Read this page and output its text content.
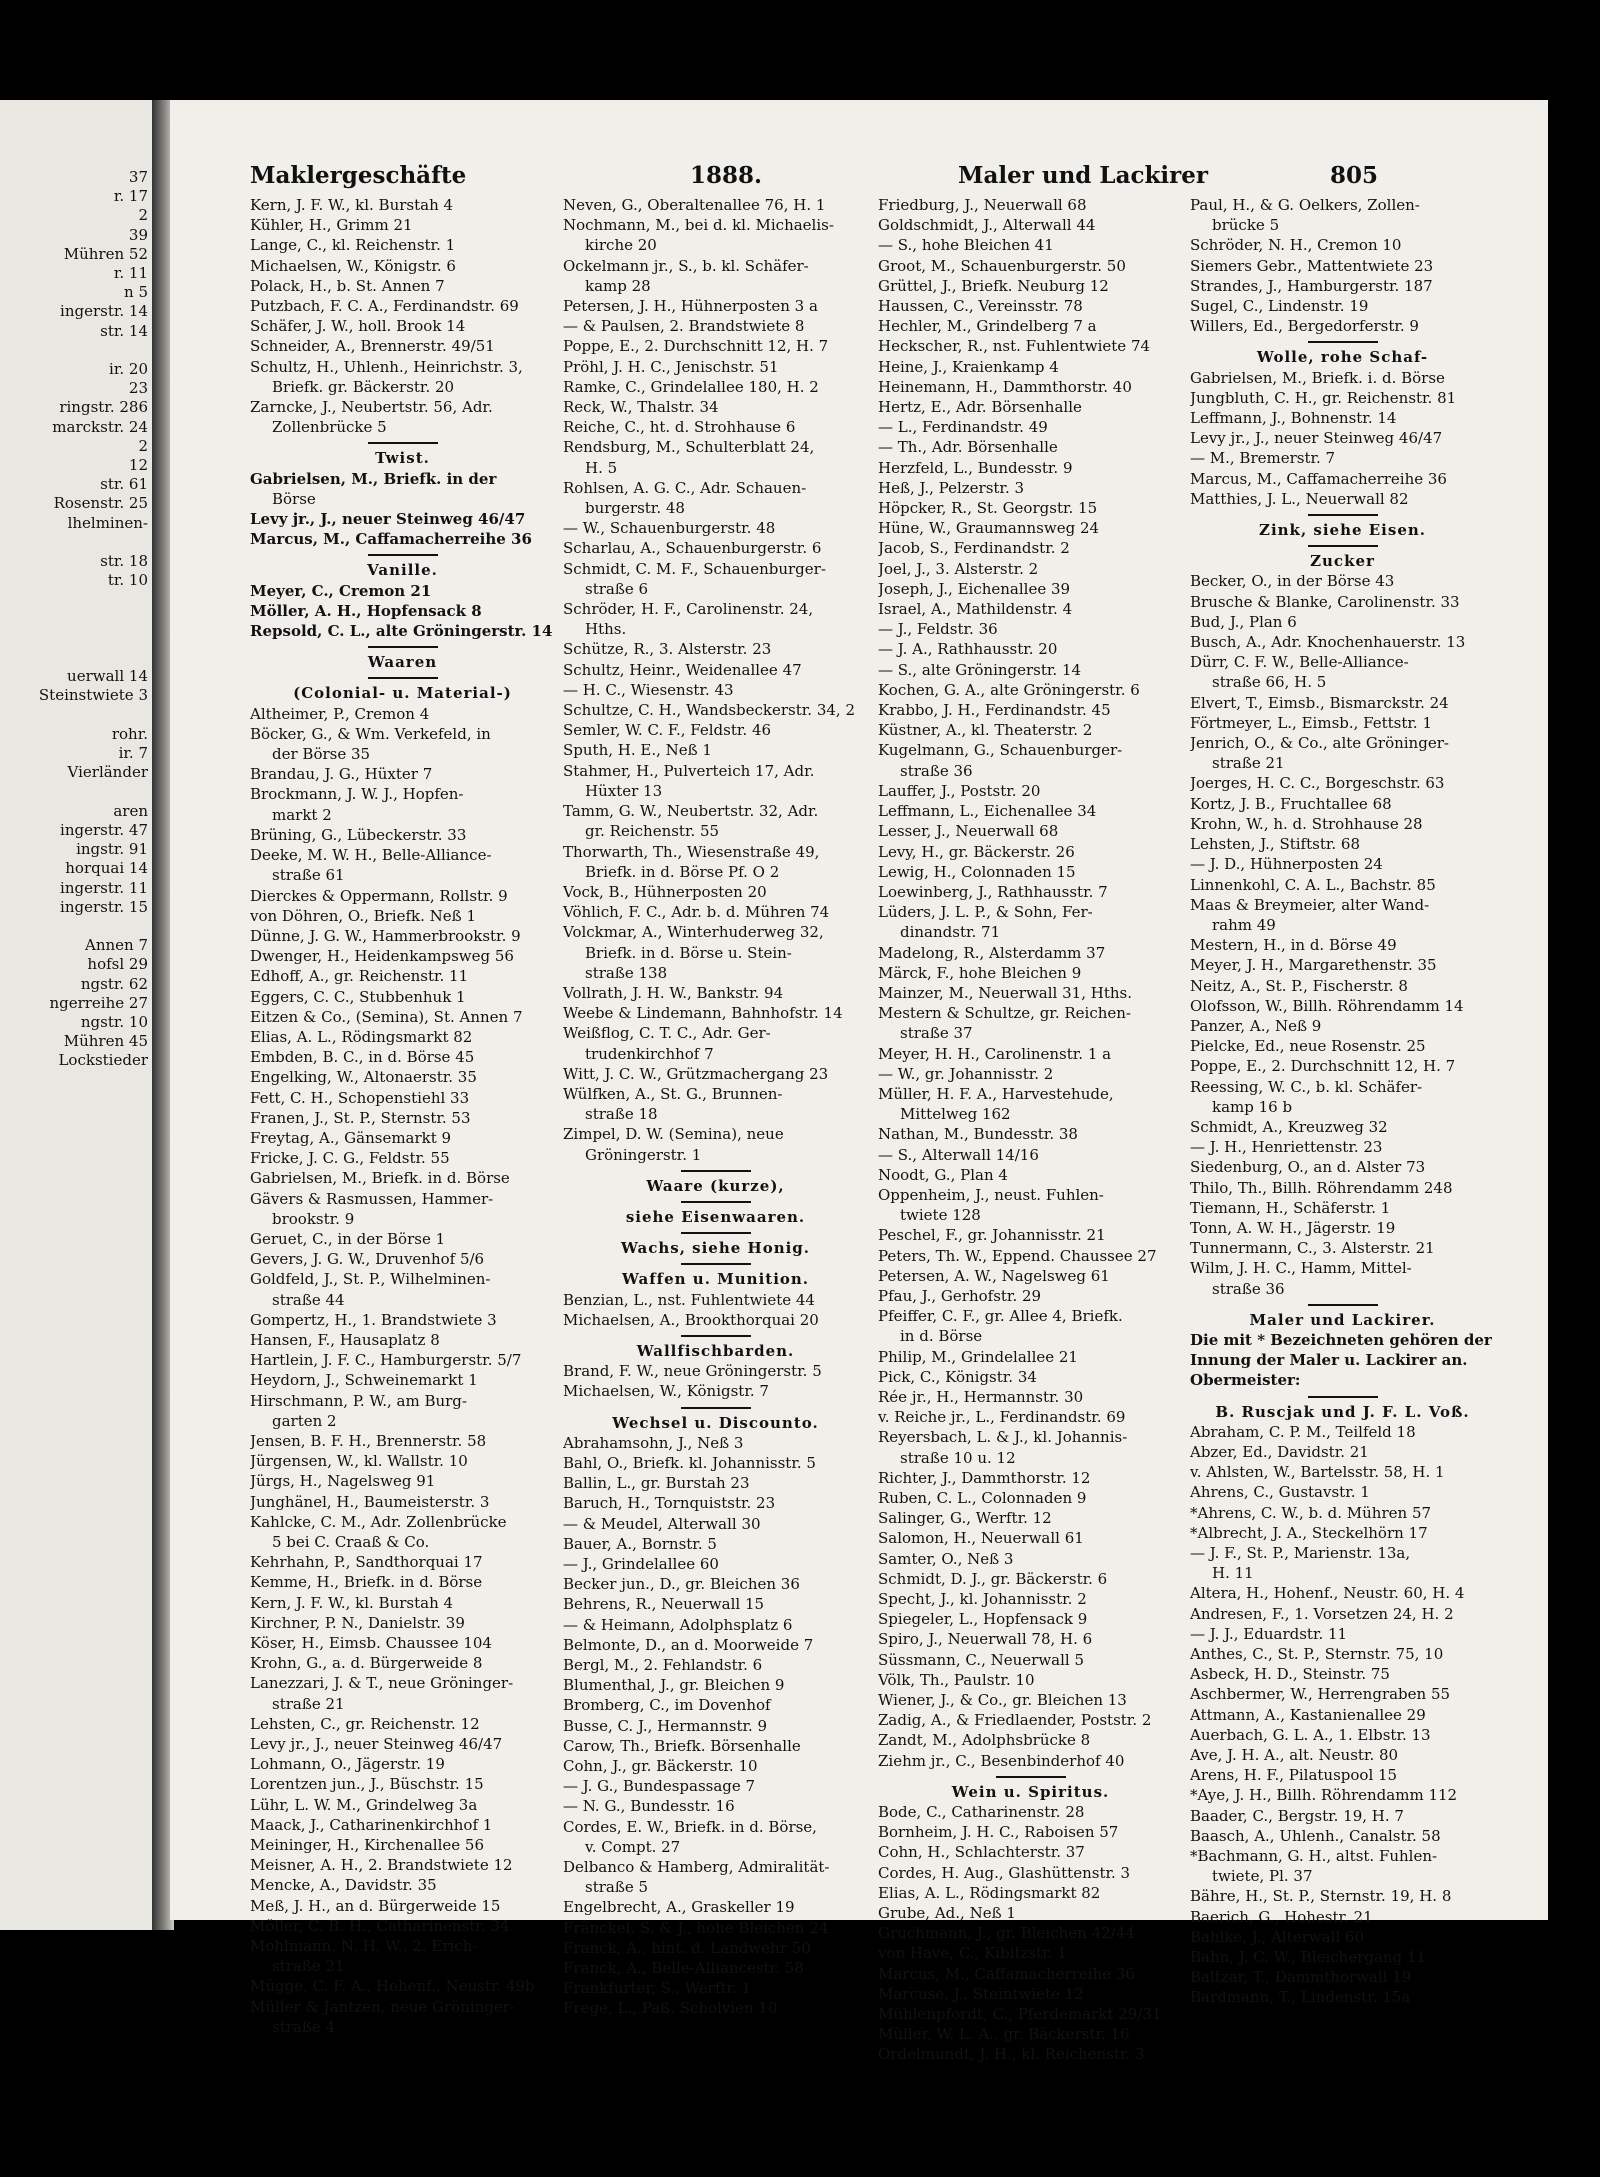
37
r. 17
2
39
Mühren 52
r. 11
n 5
ingerstr. 14
str. 14

ir. 20
23
ringstr. 286
marckstr. 24
2
12
str. 61
Rosenstr. 25
lhelminen-

str. 18
tr. 10

uerwall 14
Steinstwiete 3

rohr.
ir. 7
Vierländer

aren
ingerstr. 47
ingstr. 91
horquai 14
ingerstr. 11
ingerstr. 15

Annen 7
hofsl 29
ngstr. 62
ngerreihe 27
ngstr. 10
Mühren 45
Lockstieder
Maklergeschäfte	1888.	Maler und Lackirer	805
Kern, J. F. W., kl. Burstah 4
Kühler, H., Grimm 21
Lange, C., kl. Reichenstr. 1
Michaelsen, W., Königstr. 6
Polack, H., b. St. Annen 7
Putzbach, F. C. A., Ferdinandstr. 69
Schäfer, J. W., holl. Brook 14
Schneider, A., Brennerstr. 49/51
Schultz, H., Uhlenh., Heinrichstr. 3,
Briefk. gr. Bäckerstr. 20
Zarncke, J., Neubertstr. 56, Adr.
Zollenbrücke 5
Twist.
Gabrielsen, M., Briefk. in der
Börse
Levy jr., J., neuer Steinweg 46/47
Marcus, M., Caffamacherreihe 36
Vanille.
Meyer, C., Cremon 21
Möller, A. H., Hopfensack 8
Repsold, C. L., alte Gröningerstr. 14
Waaren
(Colonial- u. Material-)
Altheimer, P., Cremon 4
Böcker, G., & Wm. Verkefeld, in
der Börse 35
Brandau, J. G., Hüxter 7
Brockmann, J. W. J., Hopfen-
markt 2
Brüning, G., Lübeckerstr. 33
Deeke, M. W. H., Belle-Alliance-
straße 61
Dierckes & Oppermann, Rollstr. 9
von Döhren, O., Briefk. Neß 1
Dünne, J. G. W., Hammerbrookstr. 9
Dwenger, H., Heidenkampsweg 56
Edhoff, A., gr. Reichenstr. 11
Eggers, C. C., Stubbenhuk 1
Eitzen & Co., (Semina), St. Annen 7
Elias, A. L., Rödingsmarkt 82
Embden, B. C., in d. Börse 45
Engelking, W., Altonaerstr. 35
Fett, C. H., Schopenstiehl 33
Franen, J., St. P., Sternstr. 53
Freytag, A., Gänsemarkt 9
Fricke, J. C. G., Feldstr. 55
Gabrielsen, M., Briefk. in d. Börse
Gävers & Rasmussen, Hammer-
brookstr. 9
Geruet, C., in der Börse 1
Gevers, J. G. W., Druvenhof 5/6
Goldfeld, J., St. P., Wilhelminen-
straße 44
Gompertz, H., 1. Brandstwiete 3
Hansen, F., Hausaplatz 8
Hartlein, J. F. C., Hamburgerstr. 5/7
Heydorn, J., Schweinemarkt 1
Hirschmann, P. W., am Burg-
garten 2
Jensen, B. F. H., Brennerstr. 58
Jürgensen, W., kl. Wallstr. 10
Jürgs, H., Nagelsweg 91
Junghänel, H., Baumeisterstr. 3
Kahlcke, C. M., Adr. Zollenbrücke
5 bei C. Craaß & Co.
Kehrhahn, P., Sandthorquai 17
Kemme, H., Briefk. in d. Börse
Kern, J. F. W., kl. Burstah 4
Kirchner, P. N., Danielstr. 39
Köser, H., Eimsb. Chaussee 104
Krohn, G., a. d. Bürgerweide 8
Lanezzari, J. & T., neue Gröninger-
straße 21
Lehsten, C., gr. Reichenstr. 12
Levy jr., J., neuer Steinweg 46/47
Lohmann, O., Jägerstr. 19
Lorentzen jun., J., Büschstr. 15
Lühr, L. W. M., Grindelweg 3a
Maack, J., Catharinenkirchhof 1
Meininger, H., Kirchenallee 56
Meisner, A. H., 2. Brandstwiete 12
Mencke, A., Davidstr. 35
Meß, J. H., an d. Bürgerweide 15
Möller, C. B. H., Catharinenstr. 34
Mohlmann, N. H. W., 2. Erich-
straße 21
Mügge, C. F. A., Hohenf., Neustr. 49b
Müller & Jantzen, neue Gröninger-
straße 4
Neven, G., Oberaltenallee 76, H. 1
Nochmann, M., bei d. kl. Michaelis-
kirche 20
Ockelmann jr., S., b. kl. Schäfer-
kamp 28
Petersen, J. H., Hühnerposten 3 a
— & Paulsen, 2. Brandstwiete 8
Poppe, E., 2. Durchschnitt 12, H. 7
Pröhl, J. H. C., Jenischstr. 51
Ramke, C., Grindelallee 180, H. 2
Reck, W., Thalstr. 34
Reiche, C., ht. d. Strohhause 6
Rendsburg, M., Schulterblatt 24,
H. 5
Rohlsen, A. G. C., Adr. Schauen-
burgerstr. 48
— W., Schauenburgerstr. 48
Scharlau, A., Schauenburgerstr. 6
Schmidt, C. M. F., Schauenburger-
straße 6
Schröder, H. F., Carolinenstr. 24,
Hths.
Schütze, R., 3. Alsterstr. 23
Schultz, Heinr., Weidenallee 47
— H. C., Wiesenstr. 43
Schultze, C. H., Wandsbeckerstr. 34, 2
Semler, W. C. F., Feldstr. 46
Sputh, H. E., Neß 1
Stahmer, H., Pulverteich 17, Adr.
Hüxter 13
Tamm, G. W., Neubertstr. 32, Adr.
gr. Reichenstr. 55
Thorwarth, Th., Wiesenstraße 49,
Briefk. in d. Börse Pf. O 2
Vock, B., Hühnerposten 20
Vöhlich, F. C., Adr. b. d. Mühren 74
Volckmar, A., Winterhuderweg 32,
Briefk. in d. Börse u. Stein-
straße 138
Vollrath, J. H. W., Bankstr. 94
Weebe & Lindemann, Bahnhofstr. 14
Weißflog, C. T. C., Adr. Ger-
trudenkirchhof 7
Witt, J. C. W., Grützmachergang 23
Wülfken, A., St. G., Brunnen-
straße 18
Zimpel, D. W. (Semina), neue
Gröningerstr. 1
Waare (kurze),
siehe Eisenwaaren.
Wachs, siehe Honig.
Waffen u. Munition.
Benzian, L., nst. Fuhlentwiete 44
Michaelsen, A., Brookthorquai 20
Wallfischbarden.
Brand, F. W., neue Gröningerstr. 5
Michaelsen, W., Königstr. 7
Wechsel u. Discounto.
Abrahamsohn, J., Neß 3
Bahl, O., Briefk. kl. Johannisstr. 5
Ballin, L., gr. Burstah 23
Baruch, H., Tornquiststr. 23
— & Meudel, Alterwall 30
Bauer, A., Bornstr. 5
— J., Grindelallee 60
Becker jun., D., gr. Bleichen 36
Behrens, R., Neuerwall 15
— & Heimann, Adolphsplatz 6
Belmonte, D., an d. Moorweide 7
Bergl, M., 2. Fehlandstr. 6
Blumenthal, J., gr. Bleichen 9
Bromberg, C., im Dovenhof
Busse, C. J., Hermannstr. 9
Carow, Th., Briefk. Börsenhalle
Cohn, J., gr. Bäckerstr. 10
— J. G., Bundespassage 7
— N. G., Bundesstr. 16
Cordes, E. W., Briefk. in d. Börse,
v. Compt. 27
Delbanco & Hamberg, Admiralität-
straße 5
Engelbrecht, A., Graskeller 19
Fränckel, S. & J., hohe Bleichen 24
Franck, A., hint. d. Landwehr 50
Franck, A., Belle-Alliancestr. 58
Frankfurter, S., Werftr. 1
Frege, L., Paß. Scholvien 10
Friedburg, J., Neuerwall 68
Goldschmidt, J., Alterwall 44
— S., hohe Bleichen 41
Groot, M., Schauenburgerstr. 50
Grüttel, J., Briefk. Neuburg 12
Haussen, C., Vereinsstr. 78
Hechler, M., Grindelberg 7 a
Heckscher, R., nst. Fuhlentwiete 74
Heine, J., Kraienkamp 4
Heinemann, H., Dammthorstr. 40
Hertz, E., Adr. Börsenhalle
— L., Ferdinandstr. 49
— Th., Adr. Börsenhalle
Herzfeld, L., Bundesstr. 9
Heß, J., Pelzerstr. 3
Höpcker, R., St. Georgstr. 15
Hüne, W., Graumannsweg 24
Jacob, S., Ferdinandstr. 2
Joel, J., 3. Alsterstr. 2
Joseph, J., Eichenallee 39
Israel, A., Mathildenstr. 4
— J., Feldstr. 36
— J. A., Rathhausstr. 20
— S., alte Gröningerstr. 14
Kochen, G. A., alte Gröningerstr. 6
Krabbo, J. H., Ferdinandstr. 45
Küstner, A., kl. Theaterstr. 2
Kugelmann, G., Schauenburger-
straße 36
Lauffer, J., Poststr. 20
Leffmann, L., Eichenallee 34
Lesser, J., Neuerwall 68
Levy, H., gr. Bäckerstr. 26
Lewig, H., Colonnaden 15
Loewinberg, J., Rathhausstr. 7
Lüders, J. L. P., & Sohn, Fer-
dinandstr. 71
Madelong, R., Alsterdamm 37
Märck, F., hohe Bleichen 9
Mainzer, M., Neuerwall 31, Hths.
Mestern & Schultze, gr. Reichen-
straße 37
Meyer, H. H., Carolinenstr. 1 a
— W., gr. Johannisstr. 2
Müller, H. F. A., Harvestehude,
Mittelweg 162
Nathan, M., Bundesstr. 38
— S., Alterwall 14/16
Noodt, G., Plan 4
Oppenheim, J., neust. Fuhlen-
twiete 128
Peschel, F., gr. Johannisstr. 21
Peters, Th. W., Eppend. Chaussee 27
Petersen, A. W., Nagelsweg 61
Pfau, J., Gerhofstr. 29
Pfeiffer, C. F., gr. Allee 4, Briefk.
in d. Börse
Philip, M., Grindelallee 21
Pick, C., Königstr. 34
Rée jr., H., Hermannstr. 30
v. Reiche jr., L., Ferdinandstr. 69
Reyersbach, L. & J., kl. Johannis-
straße 10 u. 12
Richter, J., Dammthorstr. 12
Ruben, C. L., Colonnaden 9
Salinger, G., Werftr. 12
Salomon, H., Neuerwall 61
Samter, O., Neß 3
Schmidt, D. J., gr. Bäckerstr. 6
Specht, J., kl. Johannisstr. 2
Spiegeler, L., Hopfensack 9
Spiro, J., Neuerwall 78, H. 6
Süssmann, C., Neuerwall 5
Völk, Th., Paulstr. 10
Wiener, J., & Co., gr. Bleichen 13
Zadig, A., & Friedlaender, Poststr. 2
Zandt, M., Adolphsbrücke 8
Ziehm jr., C., Besenbinderhof 40
Wein u. Spiritus.
Bode, C., Catharinenstr. 28
Bornheim, J. H. C., Raboisen 57
Cohn, H., Schlachterstr. 37
Cordes, H. Aug., Glashüttenstr. 3
Elias, A. L., Rödingsmarkt 82
Grube, Ad., Neß 1
Gruchmann, J., gr. Bleichen 42/44
von Have, C., Kibitzstr. 1
Marcus, M., Caffamacherreihe 36
Marcuse, J., Steintwiete 12
Mühlenpfordt, C., Pferdemarkt 29/31
Müller, W. L. A., gr. Bäckerstr. 16
Ordelmundt, J. H., kl. Reichenstr. 3
Paul, H., & G. Oelkers, Zollen-
brücke 5
Schröder, N. H., Cremon 10
Siemers Gebr., Mattentwiete 23
Strandes, J., Hamburgerstr. 187
Sugel, C., Lindenstr. 19
Willers, Ed., Bergedorferstr. 9
Wolle, rohe Schaf-
Gabrielsen, M., Briefk. i. d. Börse
Jungbluth, C. H., gr. Reichenstr. 81
Leffmann, J., Bohnenstr. 14
Levy jr., J., neuer Steinweg 46/47
— M., Bremerstr. 7
Marcus, M., Caffamacherreihe 36
Matthies, J. L., Neuerwall 82
Zink, siehe Eisen.
Zucker
Becker, O., in der Börse 43
Brusche & Blanke, Carolinenstr. 33
Bud, J., Plan 6
Busch, A., Adr. Knochenhauerstr. 13
Dürr, C. F. W., Belle-Alliance-
straße 66, H. 5
Elvert, T., Eimsb., Bismarckstr. 24
Förtmeyer, L., Eimsb., Fettstr. 1
Jenrich, O., & Co., alte Gröninger-
straße 21
Joerges, H. C. C., Borgeschstr. 63
Kortz, J. B., Fruchtallee 68
Krohn, W., h. d. Strohhause 28
Lehsten, J., Stiftstr. 68
— J. D., Hühnerposten 24
Linnenkohl, C. A. L., Bachstr. 85
Maas & Breymeier, alter Wand-
rahm 49
Mestern, H., in d. Börse 49
Meyer, J. H., Margarethenstr. 35
Neitz, A., St. P., Fischerstr. 8
Olofsson, W., Billh. Röhrendamm 14
Panzer, A., Neß 9
Pielcke, Ed., neue Rosenstr. 25
Poppe, E., 2. Durchschnitt 12, H. 7
Reessing, W. C., b. kl. Schäfer-
kamp 16 b
Schmidt, A., Kreuzweg 32
— J. H., Henriettenstr. 23
Siedenburg, O., an d. Alster 73
Thilo, Th., Billh. Röhrendamm 248
Tiemann, H., Schäferstr. 1
Tonn, A. W. H., Jägerstr. 19
Tunnermann, C., 3. Alsterstr. 21
Wilm, J. H. C., Hamm, Mittel-
straße 36
Maler und Lackirer.
Die mit * Bezeichneten gehören der
Innung der Maler u. Lackirer an.
Obermeister:
B. Ruscjak und J. F. L. Voß.
Abraham, C. P. M., Teilfeld 18
Abzer, Ed., Davidstr. 21
v. Ahlsten, W., Bartelsstr. 58, H. 1
Ahrens, C., Gustavstr. 1
*Ahrens, C. W., b. d. Mühren 57
*Albrecht, J. A., Steckelhörn 17
— J. F., St. P., Marienstr. 13a,
H. 11
Altera, H., Hohenf., Neustr. 60, H. 4
Andresen, F., 1. Vorsetzen 24, H. 2
— J. J., Eduardstr. 11
Anthes, C., St. P., Sternstr. 75, 10
Asbeck, H. D., Steinstr. 75
Aschbermer, W., Herrengraben 55
Attmann, A., Kastanienallee 29
Auerbach, G. L. A., 1. Elbstr. 13
Ave, J. H. A., alt. Neustr. 80
Arens, H. F., Pilatuspool 15
*Aye, J. H., Billh. Röhrendamm 112
Baader, C., Bergstr. 19, H. 7
Baasch, A., Uhlenh., Canalstr. 58
*Bachmann, G. H., altst. Fuhlen-
twiete, Pl. 37
Bähre, H., St. P., Sternstr. 19, H. 8
Baerich, G., Hohestr. 21
Bahlke, J., Alterwall 60
Bahn, J. C. W., Bleichergang 11
Baltzar, T., Dammthorwall 19
Bardmann, T., Lindenstr. 15a
